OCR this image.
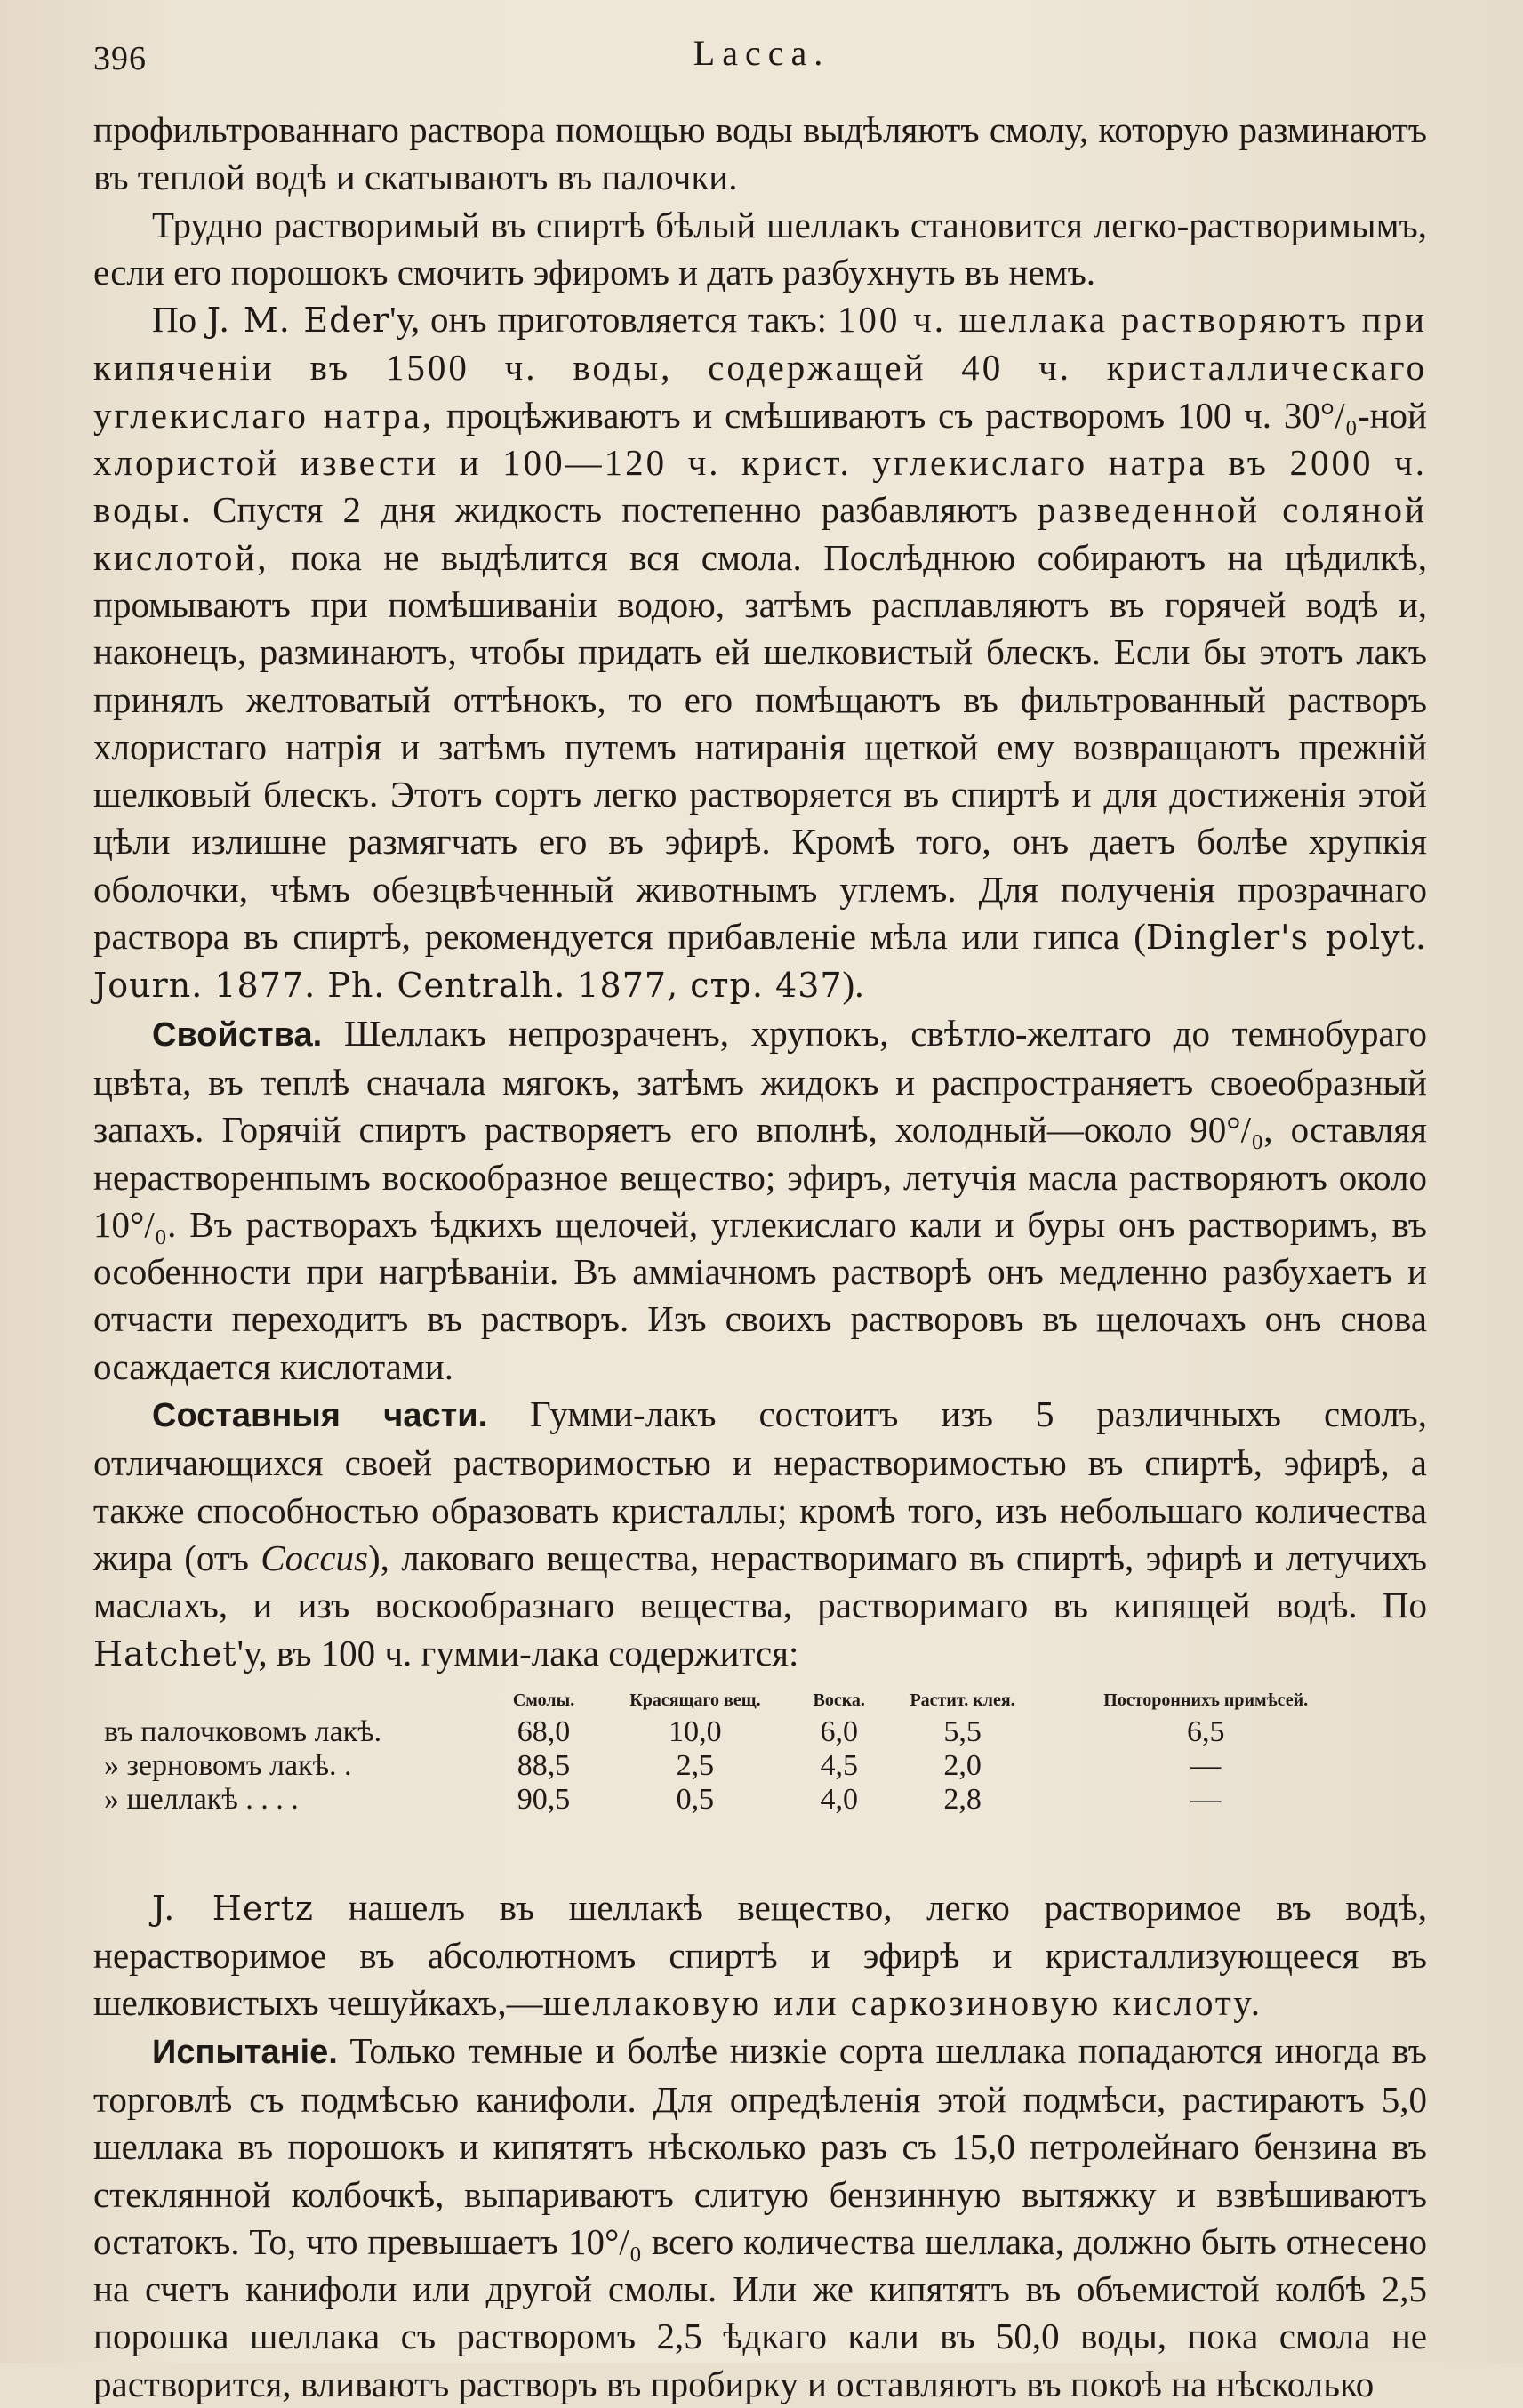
396	Lacca.

профильтрованнаго раствора помощью воды выдѣляютъ смолу, которую разминаютъ въ теплой водѣ и скатываютъ въ палочки.

Трудно растворимый въ спиртѣ бѣлый шеллакъ становится легко-растворимымъ, если его порошокъ смочить эфиромъ и дать разбухнуть въ немъ.

По J. M. Eder'у, онъ приготовляется такъ: 100 ч. шеллака растворяютъ при кипяченіи въ 1500 ч. воды, содержащей 40 ч. кристаллическаго углекислаго натра, процѣживаютъ и смѣшиваютъ съ растворомъ 100 ч. 30°/₀-ной хлористой извести и 100—120 ч. крист. углекислаго натра въ 2000 ч. воды. Спустя 2 дня жидкость постепенно разбавляютъ разведенной соляной кислотой, пока не выдѣлится вся смола. Послѣднюю собираютъ на цѣдилкѣ, промываютъ при помѣшиваніи водою, затѣмъ расплавляютъ въ горячей водѣ и, наконецъ, разминаютъ, чтобы придать ей шелковистый блескъ. Если бы этотъ лакъ принялъ желтоватый оттѣнокъ, то его помѣщаютъ въ фильтрованный растворъ хлористаго натрія и затѣмъ путемъ натиранія щеткой ему возвращаютъ прежній шелковый блескъ. Этотъ сортъ легко растворяется въ спиртѣ и для достиженія этой цѣли излишне размягчать его въ эфирѣ. Кромѣ того, онъ даетъ болѣе хрупкія оболочки, чѣмъ обезцвѣченный животнымъ углемъ. Для полученія прозрачнаго раствора въ спиртѣ, рекомендуется прибавленіе мѣла или гипса (Dingler's polyt. Journ. 1877. Ph. Centralh. 1877, стр. 437).

Свойства. Шеллакъ непрозраченъ, хрупокъ, свѣтло-желтаго до темнобураго цвѣта, въ теплѣ сначала мягокъ, затѣмъ жидокъ и распространяетъ своеобразный запахъ. Горячій спиртъ растворяетъ его вполнѣ, холодный—около 90°/₀, оставляя нерастворенпымъ воскообразное вещество; эфиръ, летучія масла растворяютъ около 10°/₀. Въ растворахъ ѣдкихъ щелочей, углекислаго кали и буры онъ растворимъ, въ особенности при нагрѣваніи. Въ амміачномъ растворѣ онъ медленно разбухаетъ и отчасти переходитъ въ растворъ. Изъ своихъ растворовъ въ щелочахъ онъ снова осаждается кислотами.

Составныя части. Гумми-лакъ состоитъ изъ 5 различныхъ смолъ, отличающихся своей растворимостью и нерастворимостью въ спиртѣ, эфирѣ, а также способностью образовать кристаллы; кромѣ того, изъ небольшаго количества жира (отъ Coccus), лаковаго вещества, нерастворимаго въ спиртѣ, эфирѣ и летучихъ маслахъ, и изъ воскообразнаго вещества, растворимаго въ кипящей водѣ. По Hatchet'у, въ 100 ч. гумми-лака содержится:

	Смолы.	Красящаго вещ.	Воска.	Растит. клея.	Постороннихъ примѣсей.
въ палочковомъ лакѣ.	68,0	10,0	6,0	5,5	6,5
» зерновомъ лакѣ. .	88,5	2,5	4,5	2,0	—
» шеллакѣ . . . .	90,5	0,5	4,0	2,8	—

J. Hertz нашелъ въ шеллакѣ вещество, легко растворимое въ водѣ, нерастворимое въ абсолютномъ спиртѣ и эфирѣ и кристаллизующееся въ шелковистыхъ чешуйкахъ,—шеллаковую или саркозиновую кислоту.

Испытаніе. Только темные и болѣе низкіе сорта шеллака попадаются иногда въ торговлѣ съ подмѣсью канифоли. Для опредѣленія этой подмѣси, растираютъ 5,0 шеллака въ порошокъ и кипятятъ нѣсколько разъ съ 15,0 петролейнаго бензина въ стеклянной колбочкѣ, выпариваютъ слитую бензинную вытяжку и взвѣшиваютъ остатокъ. То, что превышаетъ 10°/₀ всего количества шеллака, должно быть отнесено на счетъ канифоли или другой смолы. Или же кипятятъ въ объемистой колбѣ 2,5 порошка шеллака съ растворомъ 2,5 ѣдкаго кали въ 50,0 воды, пока смола не растворится, вливаютъ растворъ въ пробирку и оставляютъ въ покоѣ на нѣсколько
